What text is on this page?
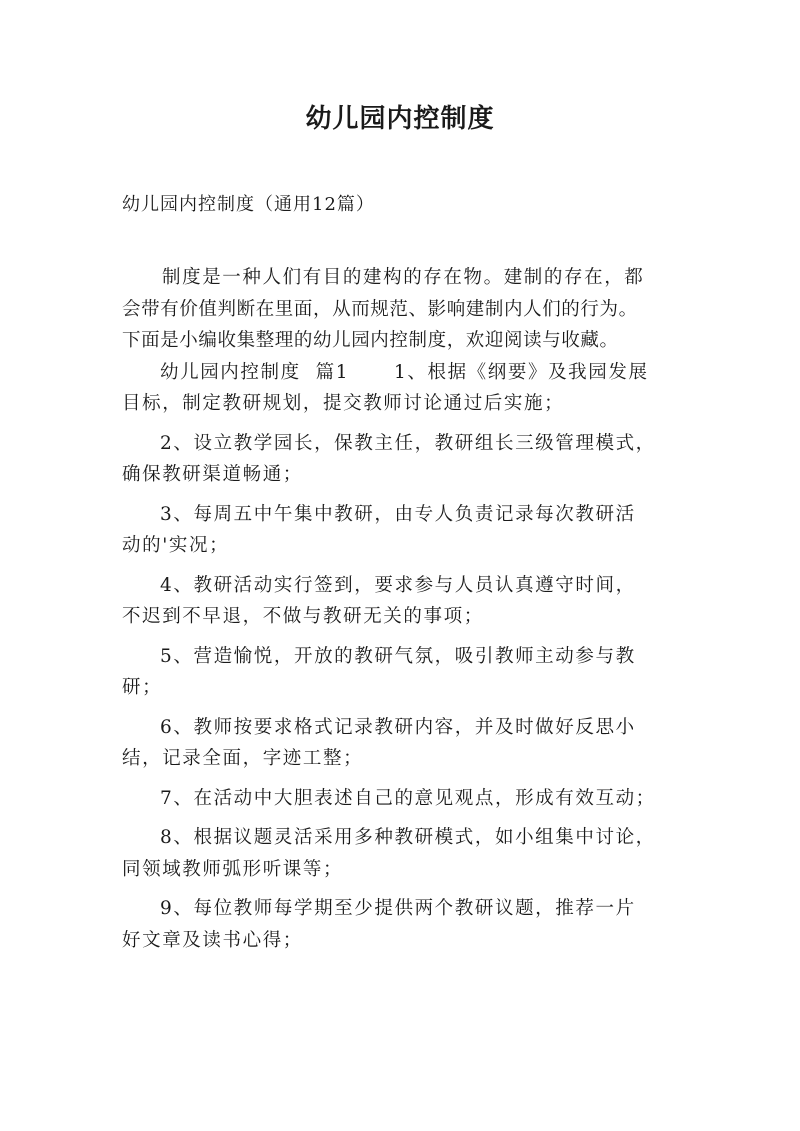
幼儿园内控制度
幼儿园内控制度（通用12篇）

制度是一种人们有目的建构的存在物。建制的存在，都
会带有价值判断在里面，从而规范、影响建制内人们的行为。
下面是小编收集整理的幼儿园内控制度，欢迎阅读与收藏。

幼儿园内控制度  篇1      1、根据《纲要》及我园发展
目标，制定教研规划，提交教师讨论通过后实施；

2、设立教学园长，保教主任，教研组长三级管理模式，
确保教研渠道畅通；

3、每周五中午集中教研，由专人负责记录每次教研活
动的'实况；

4、教研活动实行签到，要求参与人员认真遵守时间，
不迟到不早退，不做与教研无关的事项；

5、营造愉悦，开放的教研气氛，吸引教师主动参与教
研；

6、教师按要求格式记录教研内容，并及时做好反思小
结，记录全面，字迹工整；

7、在活动中大胆表述自己的意见观点，形成有效互动；

8、根据议题灵活采用多种教研模式，如小组集中讨论，
同领域教师弧形听课等；

9、每位教师每学期至少提供两个教研议题，推荐一片
好文章及读书心得；
